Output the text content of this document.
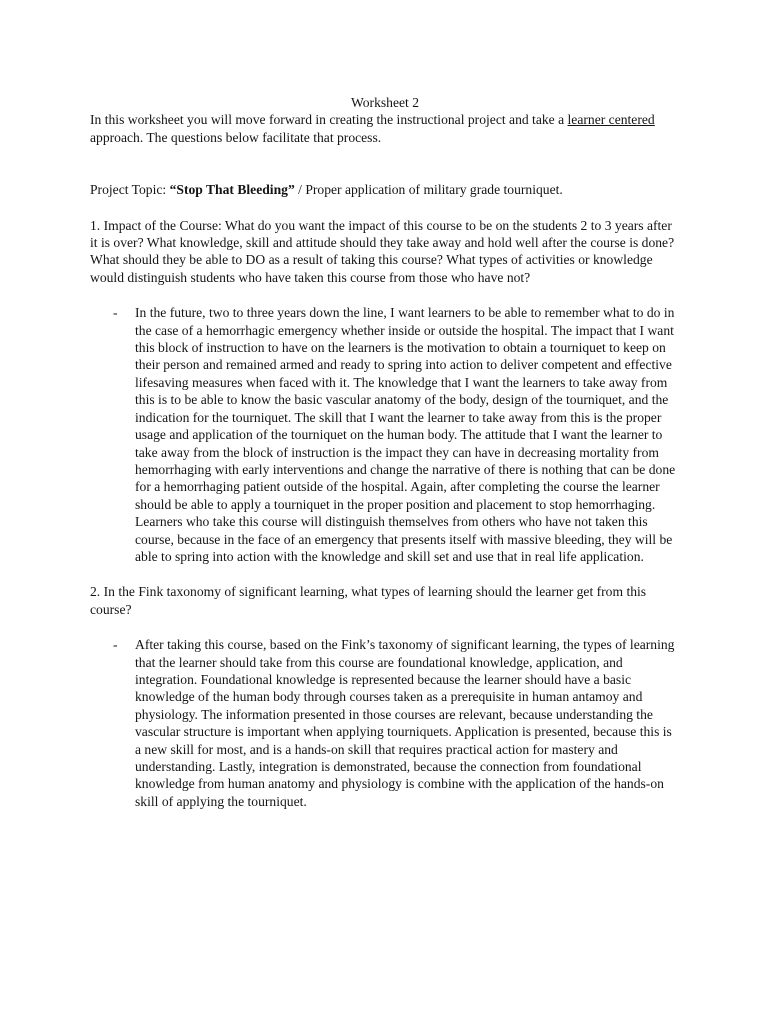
Worksheet 2

In this worksheet you will move forward in creating the instructional project and take a learner centered approach. The questions below facilitate that process.

Project Topic: “Stop That Bleeding” / Proper application of military grade tourniquet.

1. Impact of the Course: What do you want the impact of this course to be on the students 2 to 3 years after it is over? What knowledge, skill and attitude should they take away and hold well after the course is done? What should they be able to DO as a result of taking this course? What types of activities or knowledge would distinguish students who have taken this course from those who have not?

- In the future, two to three years down the line, I want learners to be able to remember what to do in the case of a hemorrhagic emergency whether inside or outside the hospital. The impact that I want this block of instruction to have on the learners is the motivation to obtain a tourniquet to keep on their person and remained armed and ready to spring into action to deliver competent and effective lifesaving measures when faced with it. The knowledge that I want the learners to take away from this is to be able to know the basic vascular anatomy of the body, design of the tourniquet, and the indication for the tourniquet. The skill that I want the learner to take away from this is the proper usage and application of the tourniquet on the human body. The attitude that I want the learner to take away from the block of instruction is the impact they can have in decreasing mortality from hemorrhaging with early interventions and change the narrative of there is nothing that can be done for a hemorrhaging patient outside of the hospital. Again, after completing the course the learner should be able to apply a tourniquet in the proper position and placement to stop hemorrhaging. Learners who take this course will distinguish themselves from others who have not taken this course, because in the face of an emergency that presents itself with massive bleeding, they will be able to spring into action with the knowledge and skill set and use that in real life application.

2. In the Fink taxonomy of significant learning, what types of learning should the learner get from this course?

- After taking this course, based on the Fink’s taxonomy of significant learning, the types of learning that the learner should take from this course are foundational knowledge, application, and integration. Foundational knowledge is represented because the learner should have a basic knowledge of the human body through courses taken as a prerequisite in human antamoy and physiology. The information presented in those courses are relevant, because understanding the vascular structure is important when applying tourniquets. Application is presented, because this is a new skill for most, and is a hands-on skill that requires practical action for mastery and understanding. Lastly, integration is demonstrated, because the connection from foundational knowledge from human anatomy and physiology is combine with the application of the hands-on skill of applying the tourniquet.
